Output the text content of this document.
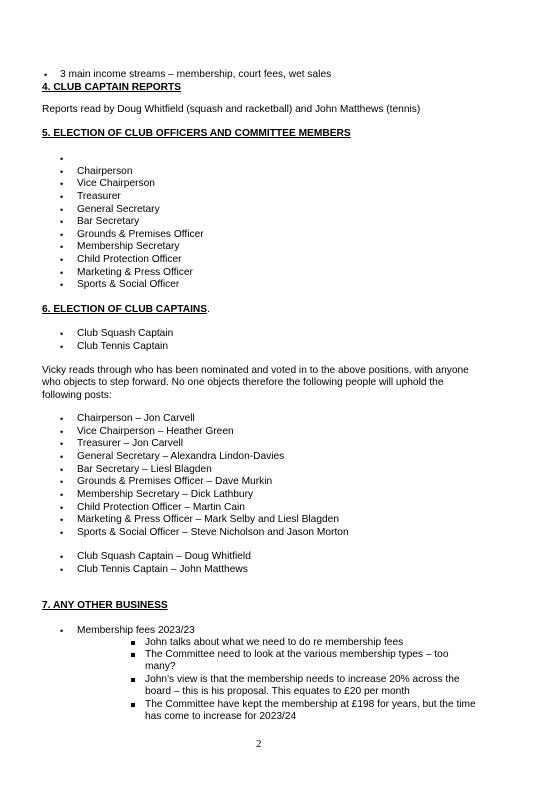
• 3 main income streams – membership, court fees, wet sales
4. CLUB CAPTAIN REPORTS
Reports read by Doug Whitfield (squash and racketball) and John Matthews (tennis)
5. ELECTION OF CLUB OFFICERS AND COMMITTEE MEMBERS
•
• Chairperson
• Vice Chairperson
• Treasurer
• General Secretary
• Bar Secretary
• Grounds & Premises Officer
• Membership Secretary
• Child Protection Officer
• Marketing & Press Officer
• Sports & Social Officer
6. ELECTION OF CLUB CAPTAINS.
• Club Squash Captain
• Club Tennis Captain
Vicky reads through who has been nominated and voted in to the above positions, with anyone
who objects to step forward. No one objects therefore the following people will uphold the
following posts:
• Chairperson – Jon Carvell
• Vice Chairperson – Heather Green
• Treasurer – Jon Carvell
• General Secretary – Alexandra Lindon-Davies
• Bar Secretary – Liesl Blagden
• Grounds & Premises Officer – Dave Murkin
• Membership Secretary – Dick Lathbury
• Child Protection Officer – Martin Cain
• Marketing & Press Officer – Mark Selby and Liesl Blagden
• Sports & Social Officer – Steve Nicholson and Jason Morton
• Club Squash Captain – Doug Whitfield
• Club Tennis Captain – John Matthews
7. ANY OTHER BUSINESS
• Membership fees 2023/23
John talks about what we need to do re membership fees
The Committee need to look at the various membership types – too
many?
John's view is that the membership needs to increase 20% across the
board – this is his proposal. This equates to £20 per month
The Committee have kept the membership at £198 for years, but the time
has come to increase for 2023/24
2
